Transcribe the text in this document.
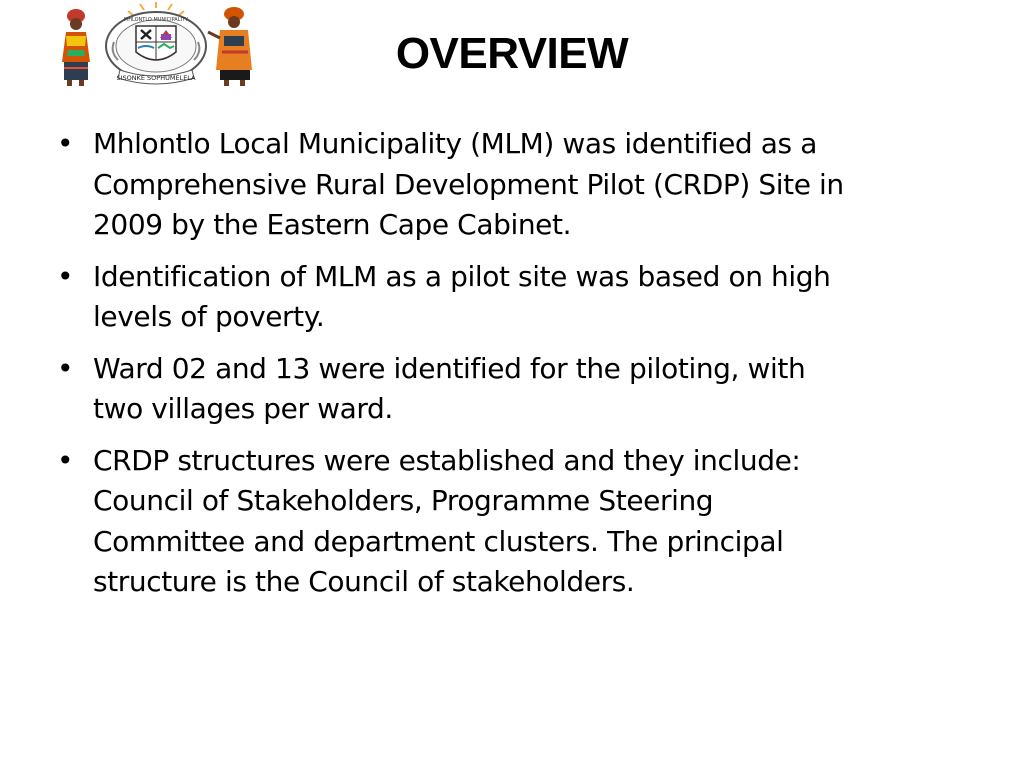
SISONKE SOPHUMELELA
MHLONTLO MUNICIPALITY
OVERVIEW
• Mhlontlo Local Municipality (MLM) was identified as a
Comprehensive Rural Development Pilot (CRDP) Site in
2009 by the Eastern Cape Cabinet.
• Identification of MLM as a pilot site was based on high
levels of poverty.
• Ward 02 and 13 were identified for the piloting, with
two villages per ward.
• CRDP structures were established and they include:
Council of Stakeholders, Programme Steering
Committee and department clusters. The principal
structure is the Council of stakeholders.
